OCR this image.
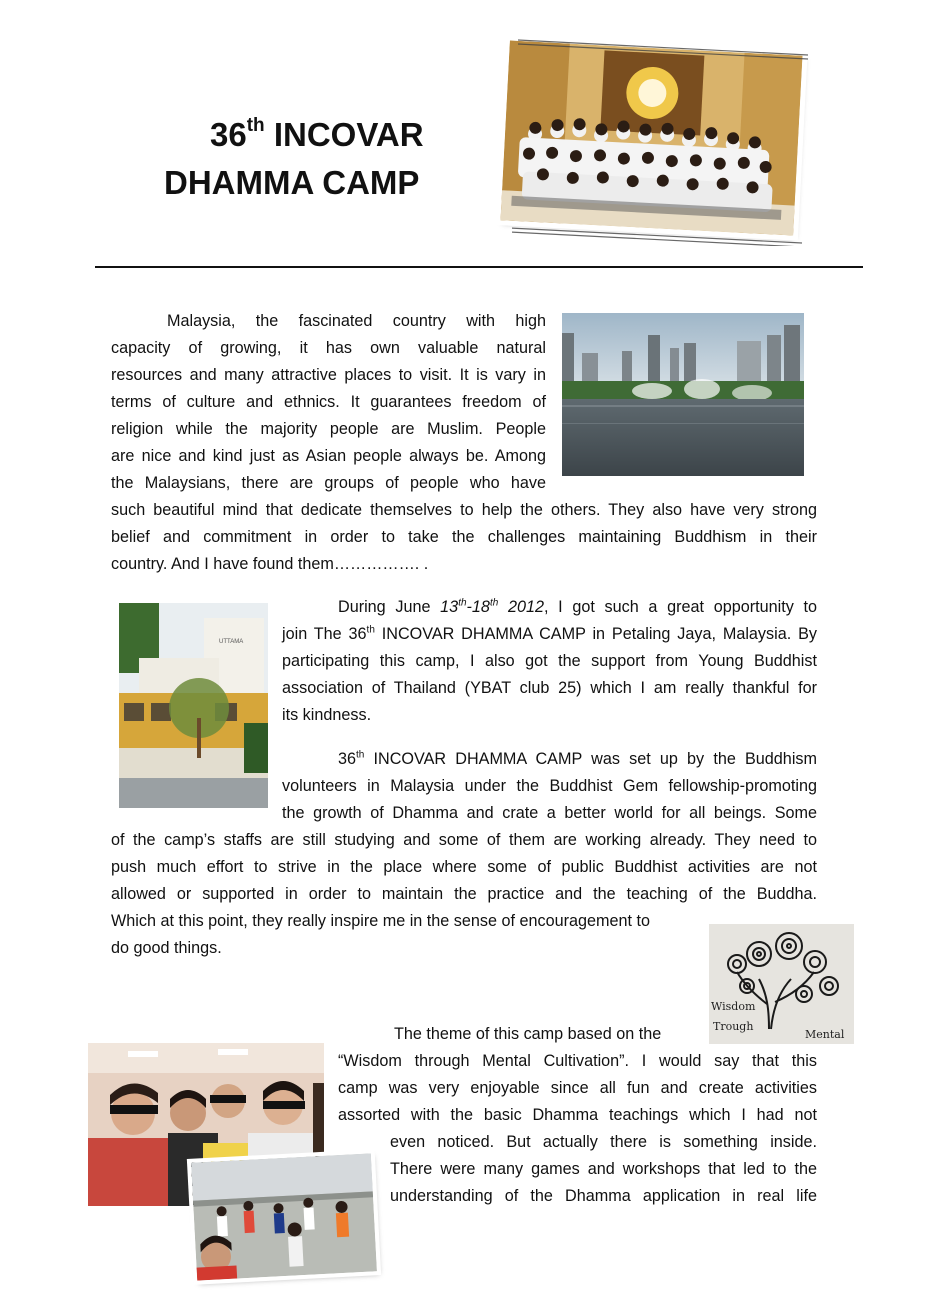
36th INCOVAR
DHAMMA CAMP
Malaysia, the fascinated country with high
capacity of growing, it has own valuable natural
resources and many attractive places to visit. It is vary in
terms of culture and ethnics. It guarantees freedom of
religion while the majority people are Muslim. People
are nice and kind just as Asian people always be. Among
the Malaysians, there are groups of people who have
such beautiful mind that dedicate themselves to help the others. They also have very strong
belief and commitment in order to take the challenges maintaining Buddhism in their
country. And I have found them……………. .
UTTAMA
During June 13th-18th 2012, I got such a great opportunity to
join The 36th INCOVAR DHAMMA CAMP in Petaling Jaya, Malaysia. By
participating this camp, I also got the support from Young Buddhist
association of Thailand (YBAT club 25) which I am really thankful for
its kindness.
36th INCOVAR DHAMMA CAMP was set up by the Buddhism
volunteers in Malaysia under the Buddhist Gem fellowship-promoting
the growth of Dhamma and crate a better world for all beings. Some
of the camp’s staffs are still studying and some of them are working already. They need to
push much effort to strive in the place where some of public Buddhist activities are not
allowed or supported in order to maintain the practice and the teaching of the Buddha.
Which at this point, they really inspire me in the sense of encouragement to
do good things.
Wisdom
Trough
Mental
The theme of this camp based on the
“Wisdom through Mental Cultivation”. I would say that this
camp was very enjoyable since all fun and create activities
assorted with the basic Dhamma teachings which I had not
even noticed. But actually there is something inside.
There were many games and workshops that led to the
understanding of the Dhamma application in real life
